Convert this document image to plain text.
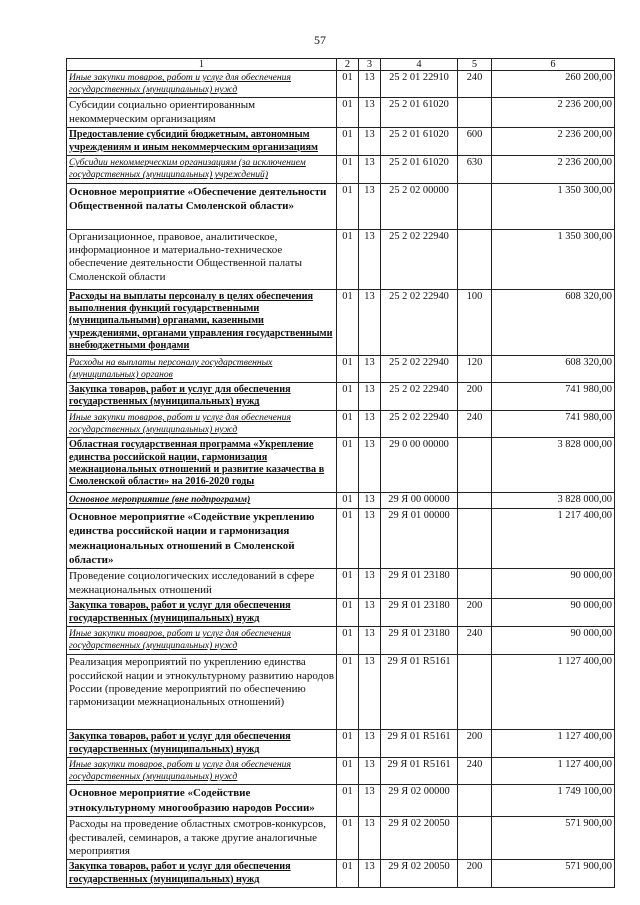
57
1	2	3	4	5	6
Иные закупки товаров, работ и услуг для обеспечения государственных (муниципальных) нужд	01	13	25 2 01 22910	240	260 200,00
Субсидии социально ориентированным некоммерческим организациям	01	13	25 2 01 61020		2 236 200,00
Предоставление субсидий бюджетным, автономным учреждениям и иным некоммерческим организациям	01	13	25 2 01 61020	600	2 236 200,00
Субсидии некоммерческим организациям (за исключением государственных (муниципальных) учреждений)	01	13	25 2 01 61020	630	2 236 200,00
Основное мероприятие «Обеспечение деятельности Общественной палаты Смоленской области»	01	13	25 2 02 00000		1 350 300,00
Организационное, правовое, аналитическое, информационное и материально-техническое обеспечение деятельности Общественной палаты Смоленской области	01	13	25 2 02 22940		1 350 300,00
Расходы на выплаты персоналу в целях обеспечения выполнения функций государственными (муниципальными) органами, казенными учреждениями, органами управления государственными внебюджетными фондами	01	13	25 2 02 22940	100	608 320,00
Расходы на выплаты персоналу государственных (муниципальных) органов	01	13	25 2 02 22940	120	608 320,00
Закупка товаров, работ и услуг для обеспечения государственных (муниципальных) нужд	01	13	25 2 02 22940	200	741 980,00
Иные закупки товаров, работ и услуг для обеспечения государственных (муниципальных) нужд	01	13	25 2 02 22940	240	741 980,00
Областная государственная программа «Укрепление единства российской нации, гармонизация межнациональных отношений и развитие казачества в Смоленской области» на 2016-2020 годы	01	13	29 0 00 00000		3 828 000,00
Основное мероприятие (вне подпрограмм)	01	13	29 Я 00 00000		3 828 000,00
Основное мероприятие «Содействие укреплению единства российской нации и гармонизация межнациональных отношений в Смоленской области»	01	13	29 Я 01 00000		1 217 400,00
Проведение социологических исследований в сфере межнациональных отношений	01	13	29 Я 01 23180		90 000,00
Закупка товаров, работ и услуг для обеспечения государственных (муниципальных) нужд	01	13	29 Я 01 23180	200	90 000,00
Иные закупки товаров, работ и услуг для обеспечения государственных (муниципальных) нужд	01	13	29 Я 01 23180	240	90 000,00
Реализация мероприятий по укреплению единства российской нации и этнокультурному развитию народов России (проведение мероприятий по обеспечению гармонизации межнациональных отношений)	01	13	29 Я 01 R5161		1 127 400,00
Закупка товаров, работ и услуг для обеспечения государственных (муниципальных) нужд	01	13	29 Я 01 R5161	200	1 127 400,00
Иные закупки товаров, работ и услуг для обеспечения государственных (муниципальных) нужд	01	13	29 Я 01 R5161	240	1 127 400,00
Основное мероприятие «Содействие этнокультурному многообразию народов России»	01	13	29 Я 02 00000		1 749 100,00
Расходы на проведение областных смотров-конкурсов, фестивалей, семинаров, а также другие аналогичные мероприятия	01	13	29 Я 02 20050		571 900,00
Закупка товаров, работ и услуг для обеспечения государственных (муниципальных) нужд	01	13	29 Я 02 20050	200	571 900,00
